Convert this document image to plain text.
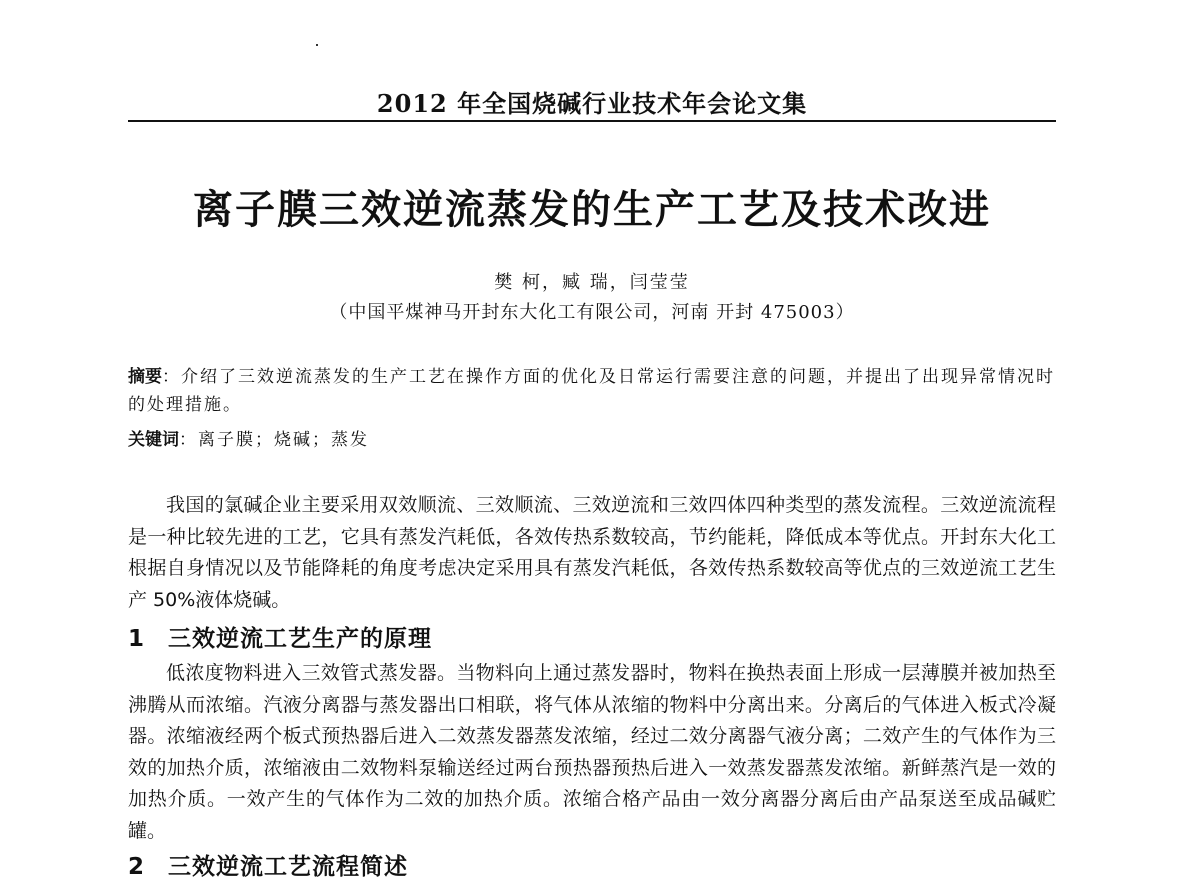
2012 年全国烧碱行业技术年会论文集
离子膜三效逆流蒸发的生产工艺及技术改进
樊 柯，臧 瑞，闫莹莹
（中国平煤神马开封东大化工有限公司，河南 开封 475003）
摘要：介绍了三效逆流蒸发的生产工艺在操作方面的优化及日常运行需要注意的问题，并提出了出现异常情况时的处理措施。
关键词：离子膜；烧碱；蒸发
我国的氯碱企业主要采用双效顺流、三效顺流、三效逆流和三效四体四种类型的蒸发流程。三效逆流流程是一种比较先进的工艺，它具有蒸发汽耗低，各效传热系数较高，节约能耗，降低成本等优点。开封东大化工根据自身情况以及节能降耗的角度考虑决定采用具有蒸发汽耗低，各效传热系数较高等优点的三效逆流工艺生产 50%液体烧碱。
1 三效逆流工艺生产的原理
低浓度物料进入三效管式蒸发器。当物料向上通过蒸发器时，物料在换热表面上形成一层薄膜并被加热至沸腾从而浓缩。汽液分离器与蒸发器出口相联，将气体从浓缩的物料中分离出来。分离后的气体进入板式冷凝器。浓缩液经两个板式预热器后进入二效蒸发器蒸发浓缩，经过二效分离器气液分离；二效产生的气体作为三效的加热介质，浓缩液由二效物料泵输送经过两台预热器预热后进入一效蒸发器蒸发浓缩。新鲜蒸汽是一效的加热介质。一效产生的气体作为二效的加热介质。浓缩合格产品由一效分离器分离后由产品泵送至成品碱贮罐。
2 三效逆流工艺流程简述
